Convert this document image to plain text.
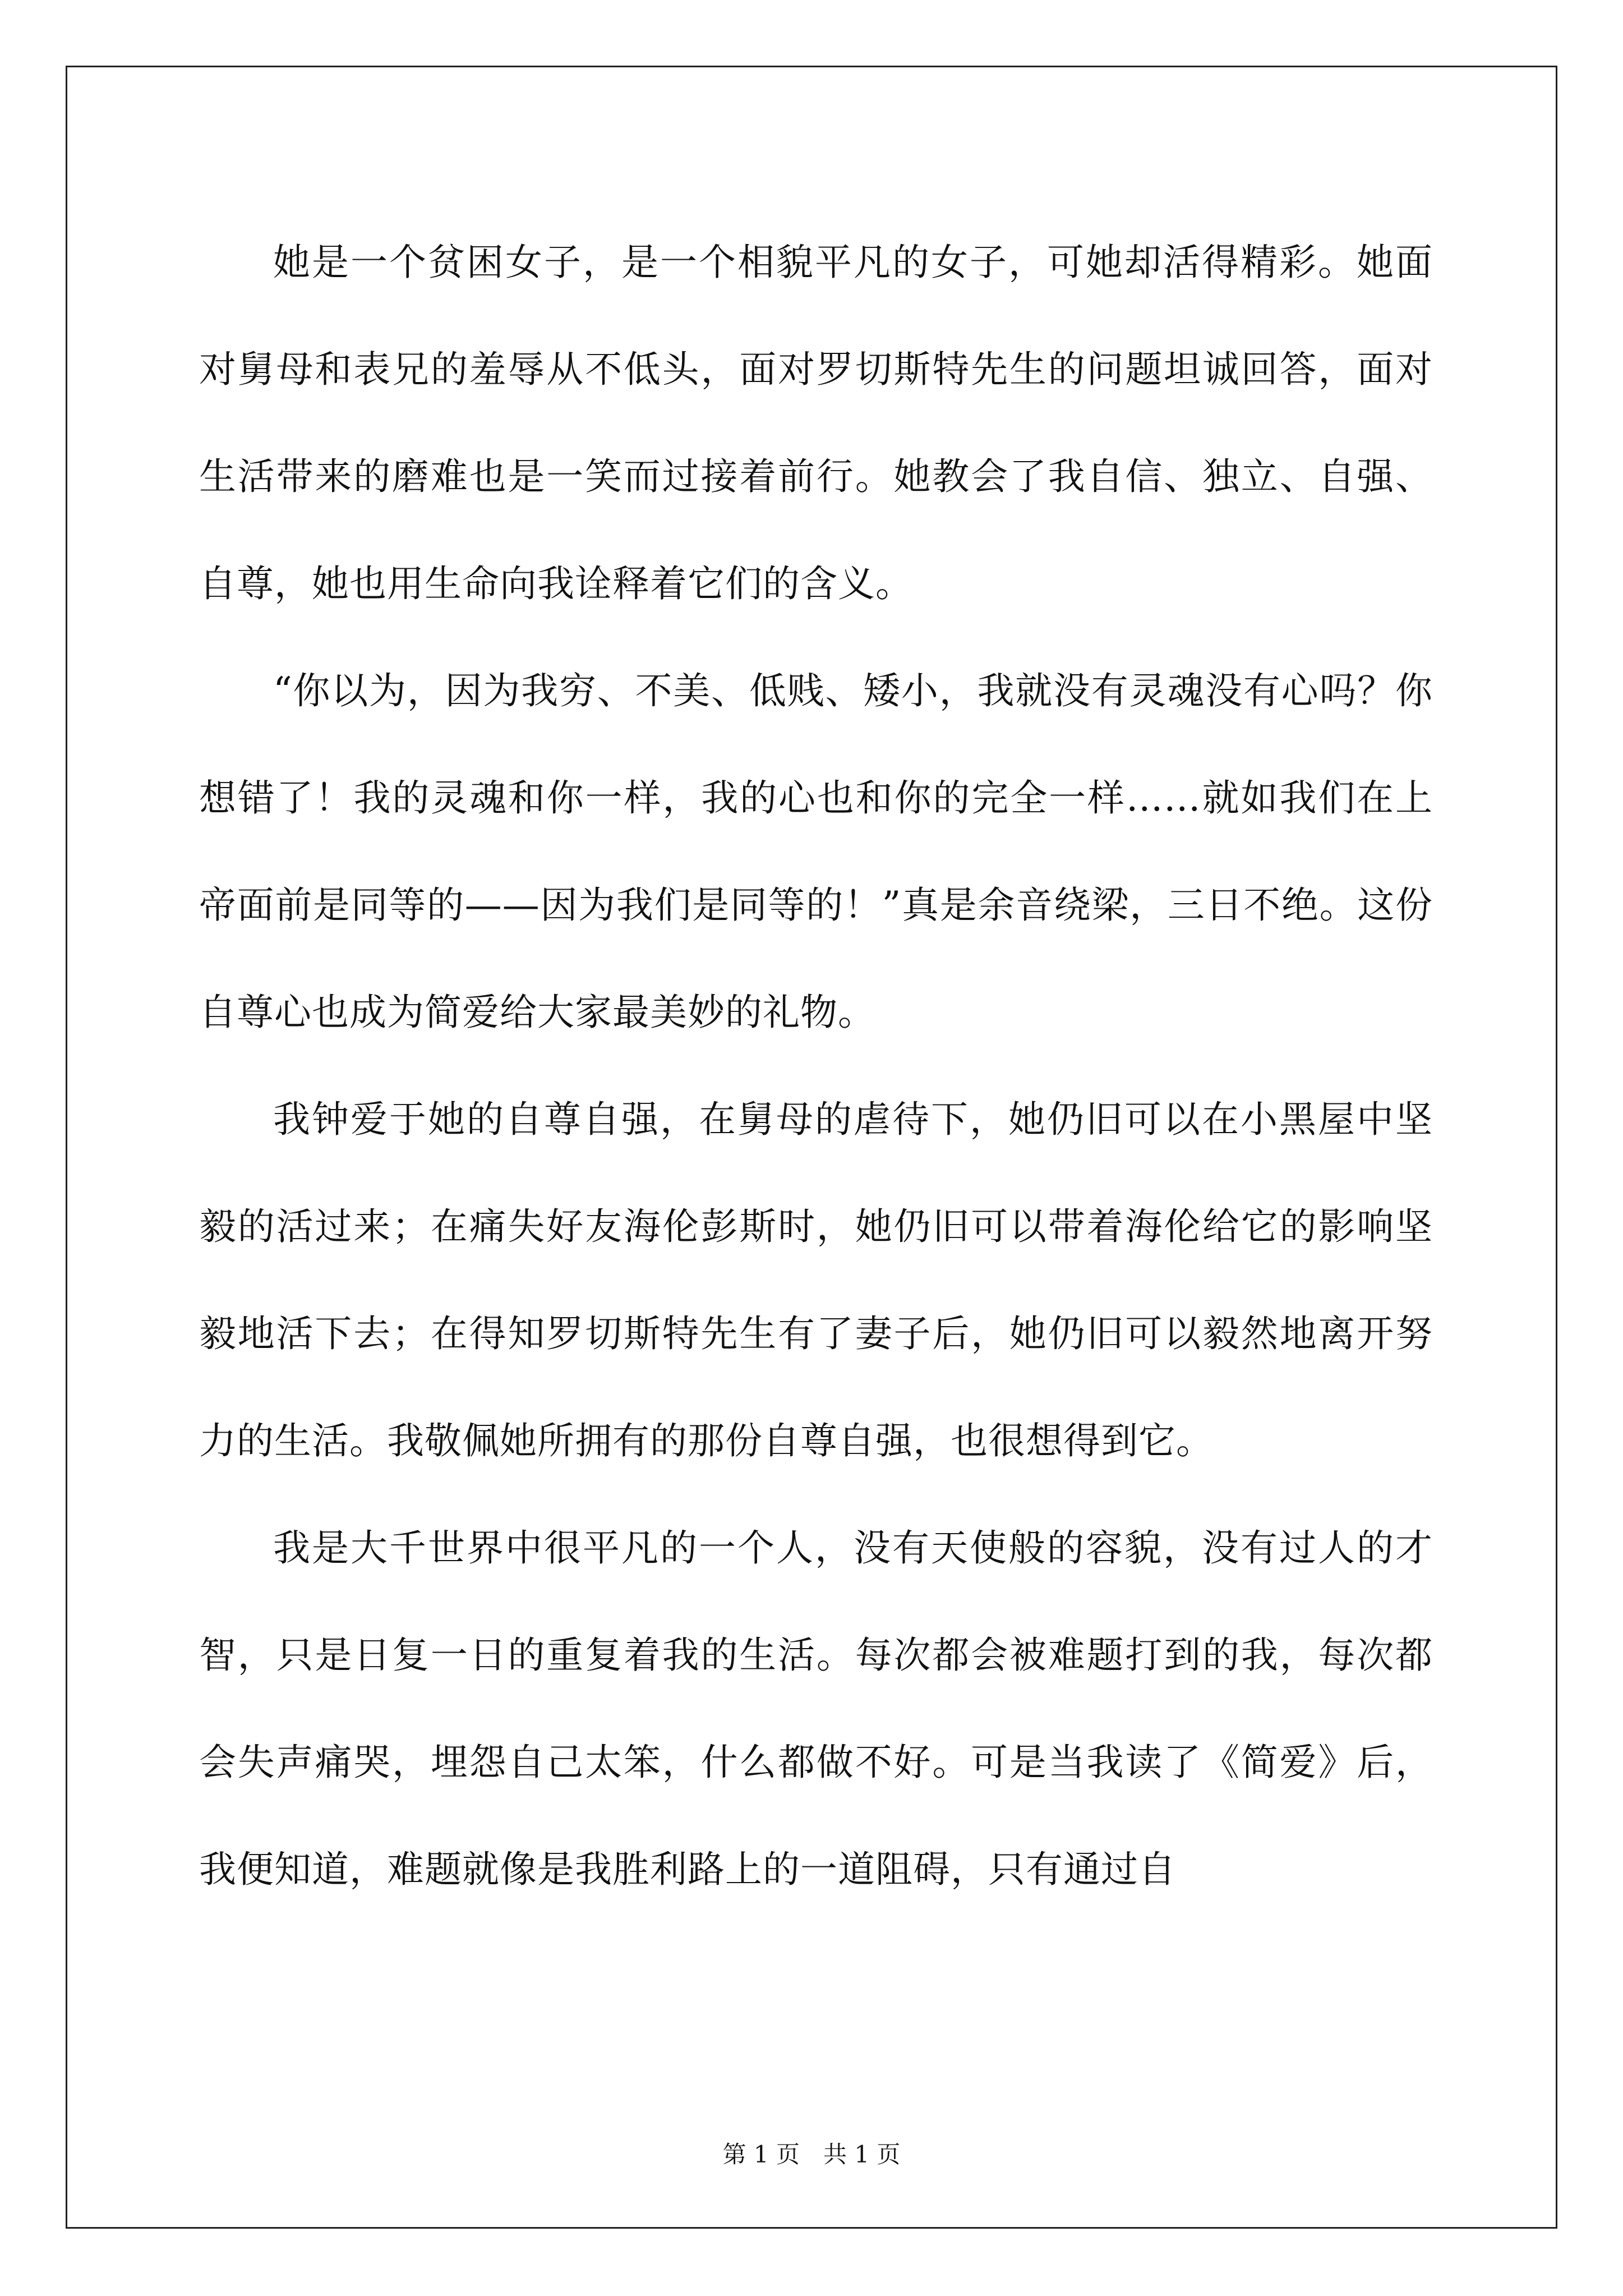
她是一个贫困女子，是一个相貌平凡的女子，可她却活得精彩。她面对舅母和表兄的羞辱从不低头，面对罗切斯特先生的问题坦诚回答，面对生活带来的磨难也是一笑而过接着前行。她教会了我自信、独立、自强、自尊，她也用生命向我诠释着它们的含义。

“你以为，因为我穷、不美、低贱、矮小，我就没有灵魂没有心吗？你想错了！我的灵魂和你一样，我的心也和你的完全一样……就如我们在上帝面前是同等的——因为我们是同等的！”真是余音绕梁，三日不绝。这份自尊心也成为简爱给大家最美妙的礼物。

我钟爱于她的自尊自强，在舅母的虐待下，她仍旧可以在小黑屋中坚毅的活过来；在痛失好友海伦彭斯时，她仍旧可以带着海伦给它的影响坚毅地活下去；在得知罗切斯特先生有了妻子后，她仍旧可以毅然地离开努力的生活。我敬佩她所拥有的那份自尊自强，也很想得到它。

我是大千世界中很平凡的一个人，没有天使般的容貌，没有过人的才智，只是日复一日的重复着我的生活。每次都会被难题打到的我，每次都会失声痛哭，埋怨自己太笨，什么都做不好。可是当我读了《简爱》后，我便知道，难题就像是我胜利路上的一道阻碍，只有通过自

第 1 页　共 1 页
